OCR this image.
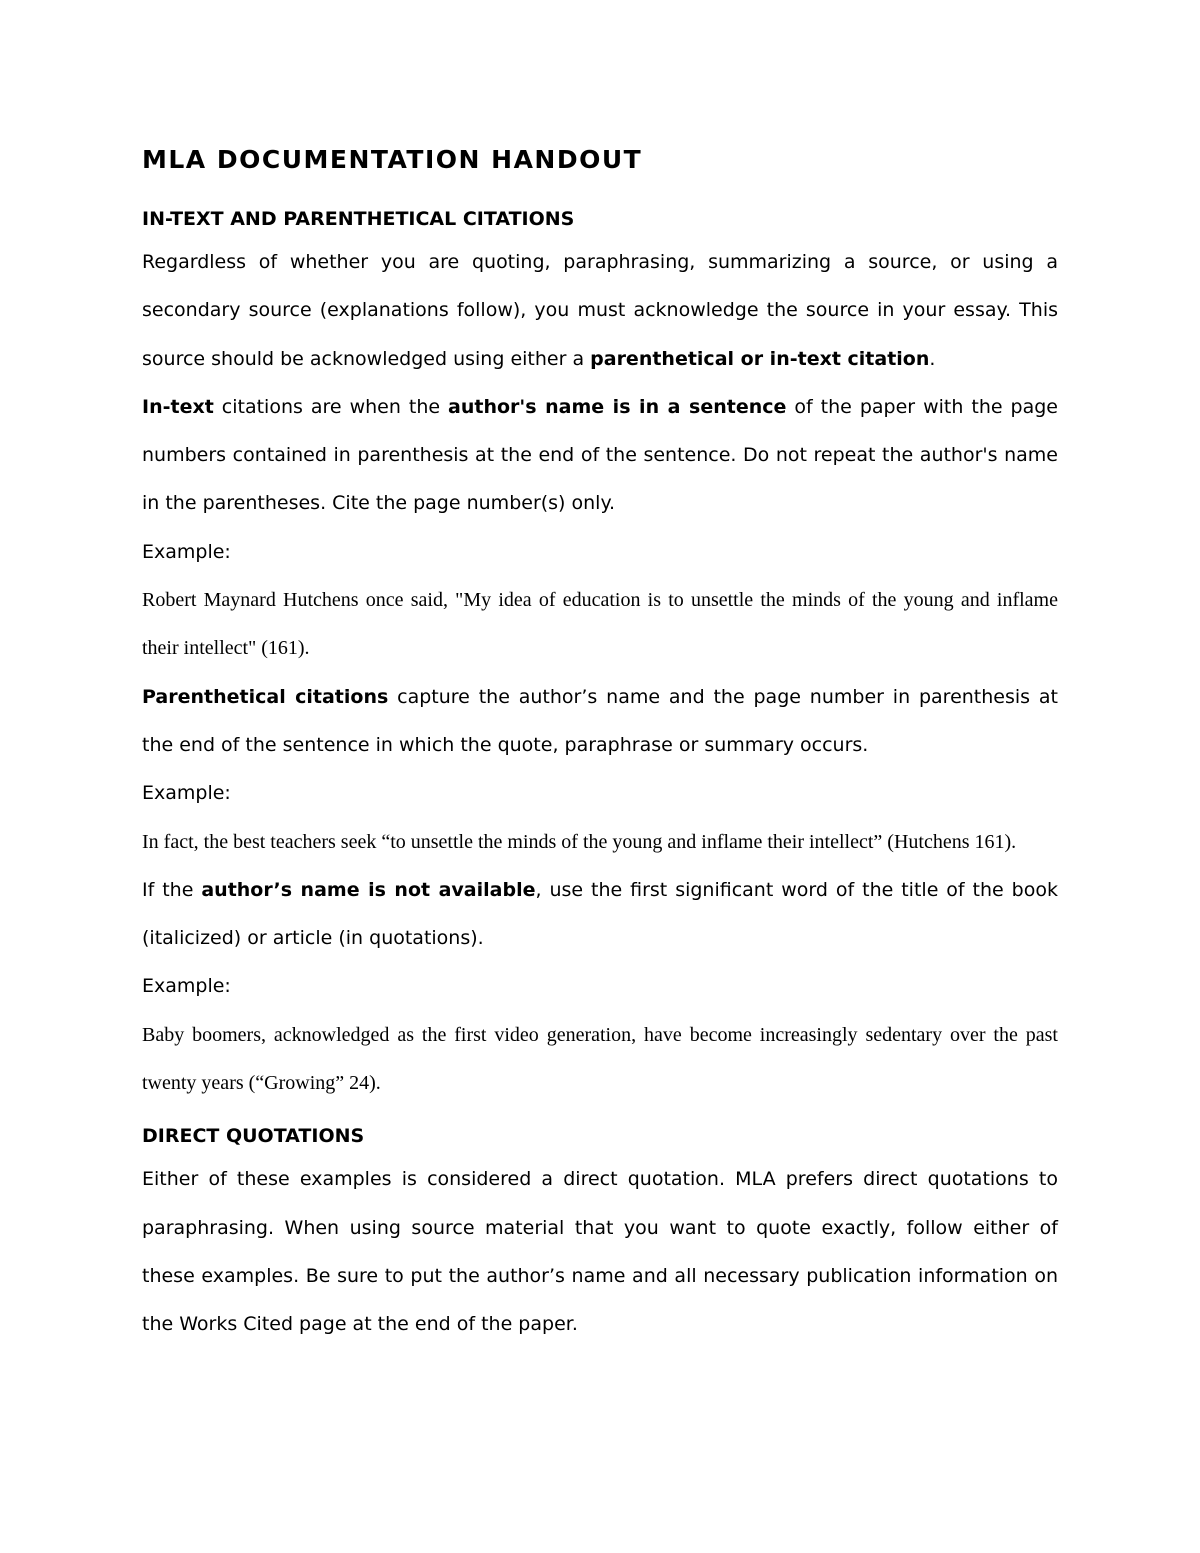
MLA DOCUMENTATION HANDOUT
IN-TEXT AND PARENTHETICAL CITATIONS

Regardless of whether you are quoting, paraphrasing, summarizing a source, or using a secondary source (explanations follow), you must acknowledge the source in your essay. This source should be acknowledged using either a parenthetical or in-text citation.

In-text citations are when the author's name is in a sentence of the paper with the page numbers contained in parenthesis at the end of the sentence. Do not repeat the author's name in the parentheses. Cite the page number(s) only.

Example:

Robert Maynard Hutchens once said, "My idea of education is to unsettle the minds of the young and inflame their intellect" (161).

Parenthetical citations capture the author’s name and the page number in parenthesis at the end of the sentence in which the quote, paraphrase or summary occurs.

Example:

In fact, the best teachers seek “to unsettle the minds of the young and inflame their intellect” (Hutchens 161).

If the author’s name is not available, use the first significant word of the title of the book (italicized) or article (in quotations).

Example:

Baby boomers, acknowledged as the first video generation, have become increasingly sedentary over the past twenty years (“Growing” 24).

DIRECT QUOTATIONS

Either of these examples is considered a direct quotation. MLA prefers direct quotations to paraphrasing. When using source material that you want to quote exactly, follow either of these examples. Be sure to put the author’s name and all necessary publication information on the Works Cited page at the end of the paper.
